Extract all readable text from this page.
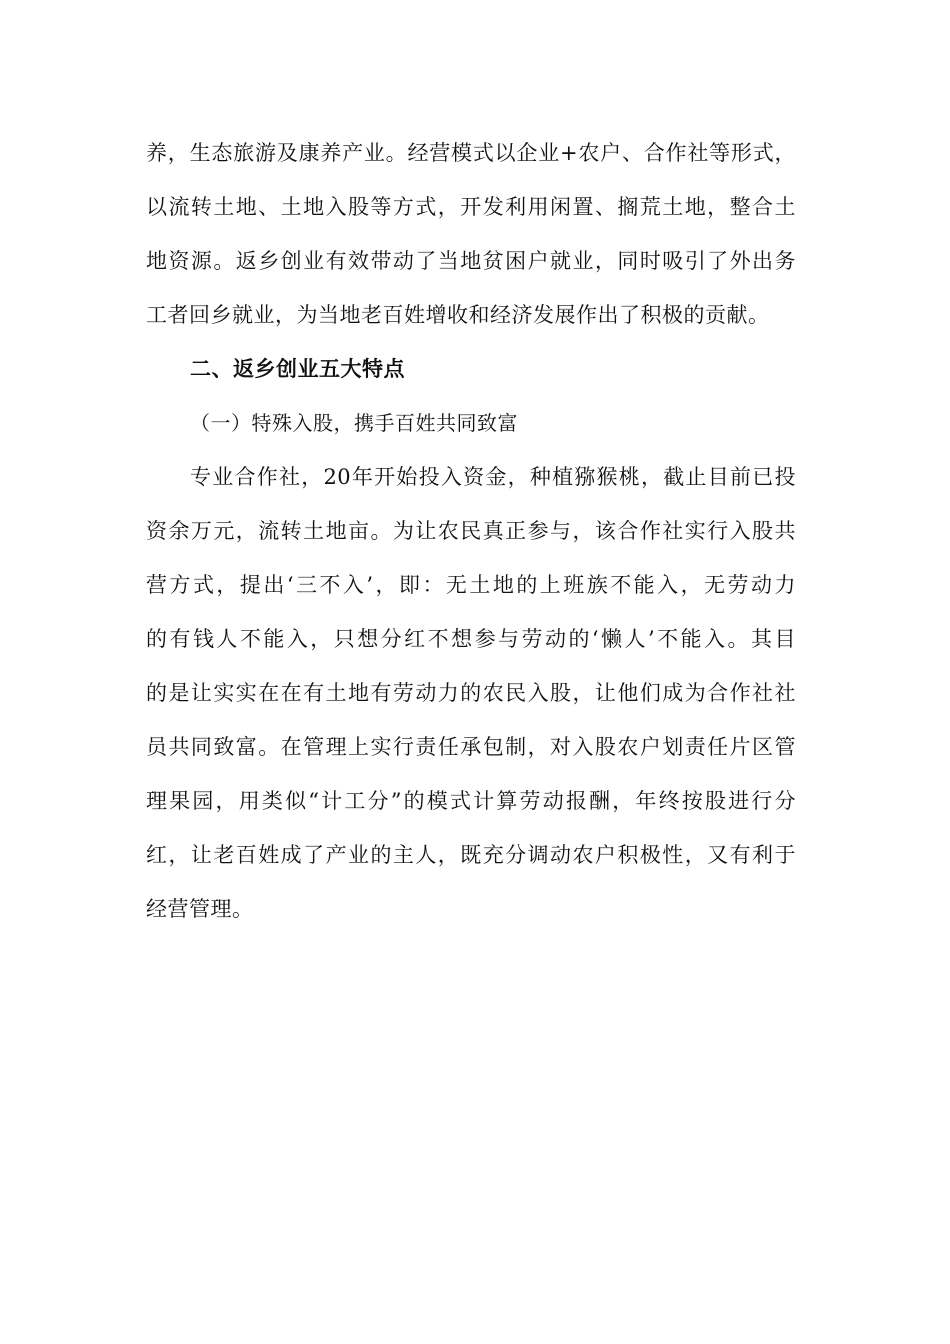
养，生态旅游及康养产业。经营模式以企业+农户、合作社等形式，
以流转土地、土地入股等方式，开发利用闲置、搁荒土地，整合土
地资源。返乡创业有效带动了当地贫困户就业，同时吸引了外出务
工者回乡就业，为当地老百姓增收和经济发展作出了积极的贡献。
二、返乡创业五大特点
（一）特殊入股，携手百姓共同致富
专业合作社，20年开始投入资金，种植猕猴桃，截止目前已投
资余万元，流转土地亩。为让农民真正参与，该合作社实行入股共
营方式，提出‘三不入’，即：无土地的上班族不能入，无劳动力
的有钱人不能入，只想分红不想参与劳动的‘懒人’不能入。其目
的是让实实在在有土地有劳动力的农民入股，让他们成为合作社社
员共同致富。在管理上实行责任承包制，对入股农户划责任片区管
理果园，用类似“计工分”的模式计算劳动报酬，年终按股进行分
红，让老百姓成了产业的主人，既充分调动农户积极性，又有利于
经营管理。
